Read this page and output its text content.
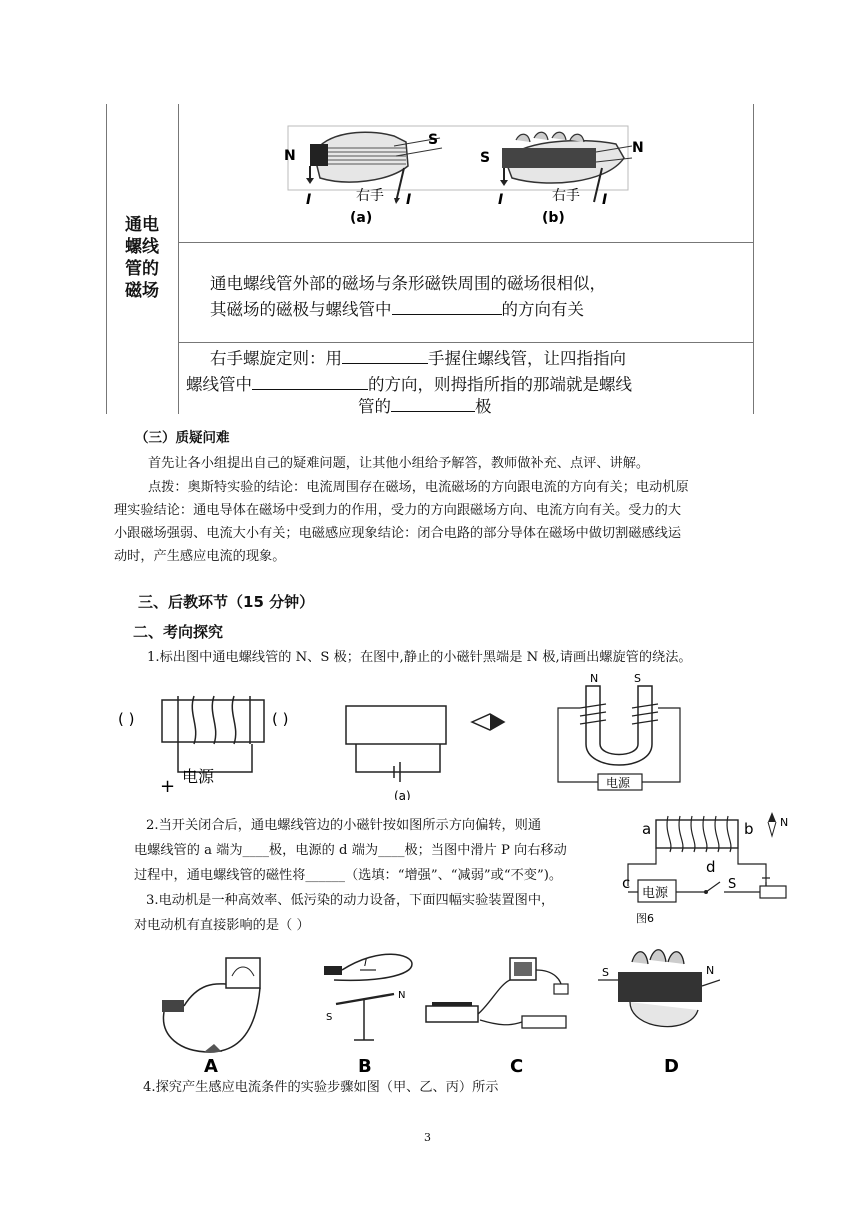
通电
螺线
管的
磁场
N
S
I	右手 I
(a)
S
N
I	右手 I
(b)
通电螺线管外部的磁场与条形磁铁周围的磁场很相似，
其磁场的磁极与螺线管中	的方向有关
右手螺旋定则：用	手握住螺线管，让四指指向
螺线管中	的方向，则拇指所指的那端就是螺线
管的	极
（三）质疑问难
首先让各小组提出自己的疑难问题，让其他小组给予解答，教师做补充、点评、讲解。
点拨：奥斯特实验的结论：电流周围存在磁场，电流磁场的方向跟电流的方向有关；电动机原
理实验结论：通电导体在磁场中受到力的作用，受力的方向跟磁场方向、电流方向有关。受力的大
小跟磁场强弱、电流大小有关；电磁感应现象结论：闭合电路的部分导体在磁场中做切割磁感线运
动时，产生感应电流的现象。
三、后教环节（15 分钟）
二、考向探究
1.标出图中通电螺线管的 N、S 极；在图中,静止的小磁针黑端是 N 极,请画出螺旋管的绕法。
( )	( )
+ 电源
(a)
N	S
电源
2.当开关闭合后，通电螺线管边的小磁针按如图所示方向偏转，则通
电螺线管的 a 端为____极，电源的 d 端为____极；当图中滑片 P 向右移动
过程中，通电螺线管的磁性将______（选填：“增强”、“减弱”或“不变”)。
a	b N
c
d
电源
S
图6
3.电动机是一种高效率、低污染的动力设备，下面四幅实验装置图中，
对电动机有直接影响的是（ ）
A
I
S
N
B	C
S	N
D
4.探究产生感应电流条件的实验步骤如图（甲、乙、丙）所示
3
